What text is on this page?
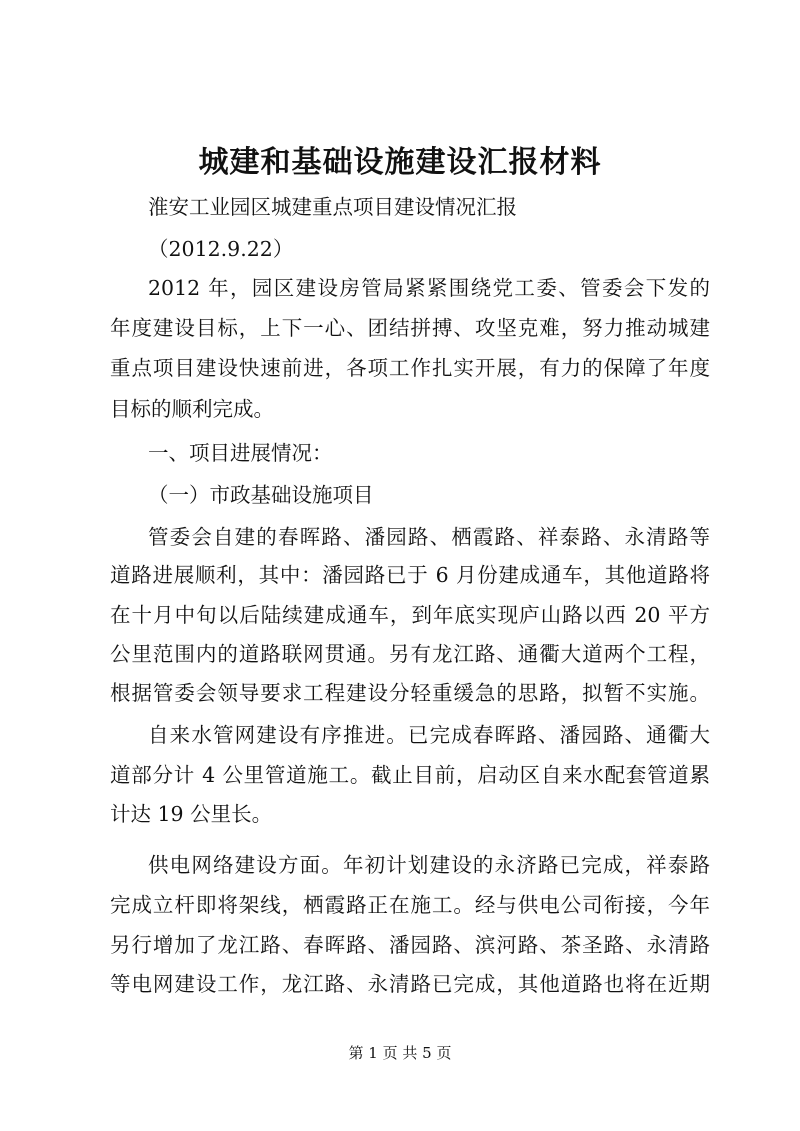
城建和基础设施建设汇报材料
淮安工业园区城建重点项目建设情况汇报
（2012.9.22）
2012 年，园区建设房管局紧紧围绕党工委、管委会下发的
年度建设目标，上下一心、团结拼搏、攻坚克难，努力推动城建
重点项目建设快速前进，各项工作扎实开展，有力的保障了年度
目标的顺利完成。
一、项目进展情况：
（一）市政基础设施项目
管委会自建的春晖路、潘园路、栖霞路、祥泰路、永清路等
道路进展顺利，其中：潘园路已于 6 月份建成通车，其他道路将
在十月中旬以后陆续建成通车，到年底实现庐山路以西 20 平方
公里范围内的道路联网贯通。另有龙江路、通衢大道两个工程，
根据管委会领导要求工程建设分轻重缓急的思路，拟暂不实施。
自来水管网建设有序推进。已完成春晖路、潘园路、通衢大
道部分计 4 公里管道施工。截止目前，启动区自来水配套管道累
计达 19 公里长。
供电网络建设方面。年初计划建设的永济路已完成，祥泰路
完成立杆即将架线，栖霞路正在施工。经与供电公司衔接，今年
另行增加了龙江路、春晖路、潘园路、滨河路、茶圣路、永清路
等电网建设工作，龙江路、永清路已完成，其他道路也将在近期
第 1 页 共 5 页
